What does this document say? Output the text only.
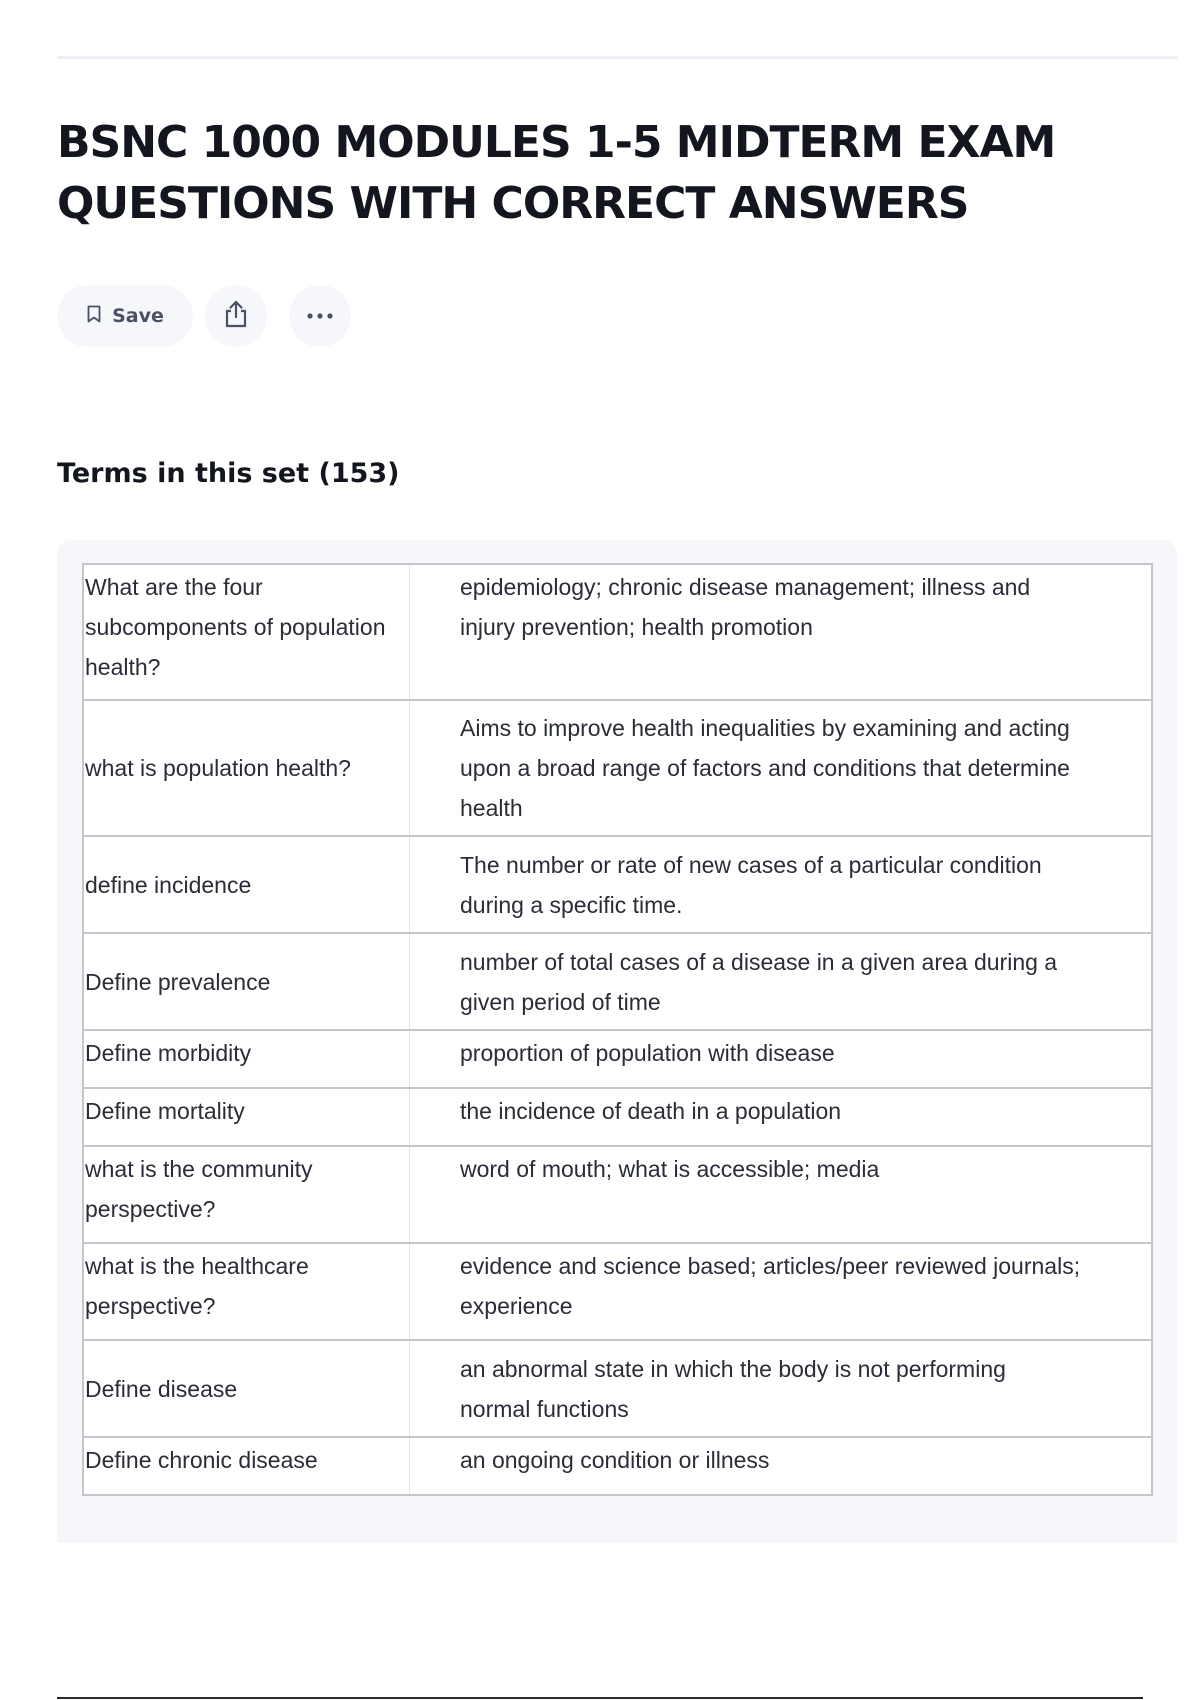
BSNC 1000 MODULES 1-5 MIDTERM EXAM QUESTIONS WITH CORRECT ANSWERS
Save
Terms in this set (153)
What are the four subcomponents of population health?	epidemiology; chronic disease management; illness and injury prevention; health promotion
what is population health?	Aims to improve health inequalities by examining and acting upon a broad range of factors and conditions that determine health
define incidence	The number or rate of new cases of a particular condition during a specific time.
Define prevalence	number of total cases of a disease in a given area during a given period of time
Define morbidity	proportion of population with disease
Define mortality	the incidence of death in a population
what is the community perspective?	word of mouth; what is accessible; media
what is the healthcare perspective?	evidence and science based; articles/peer reviewed journals; experience
Define disease	an abnormal state in which the body is not performing normal functions
Define chronic disease	an ongoing condition or illness
